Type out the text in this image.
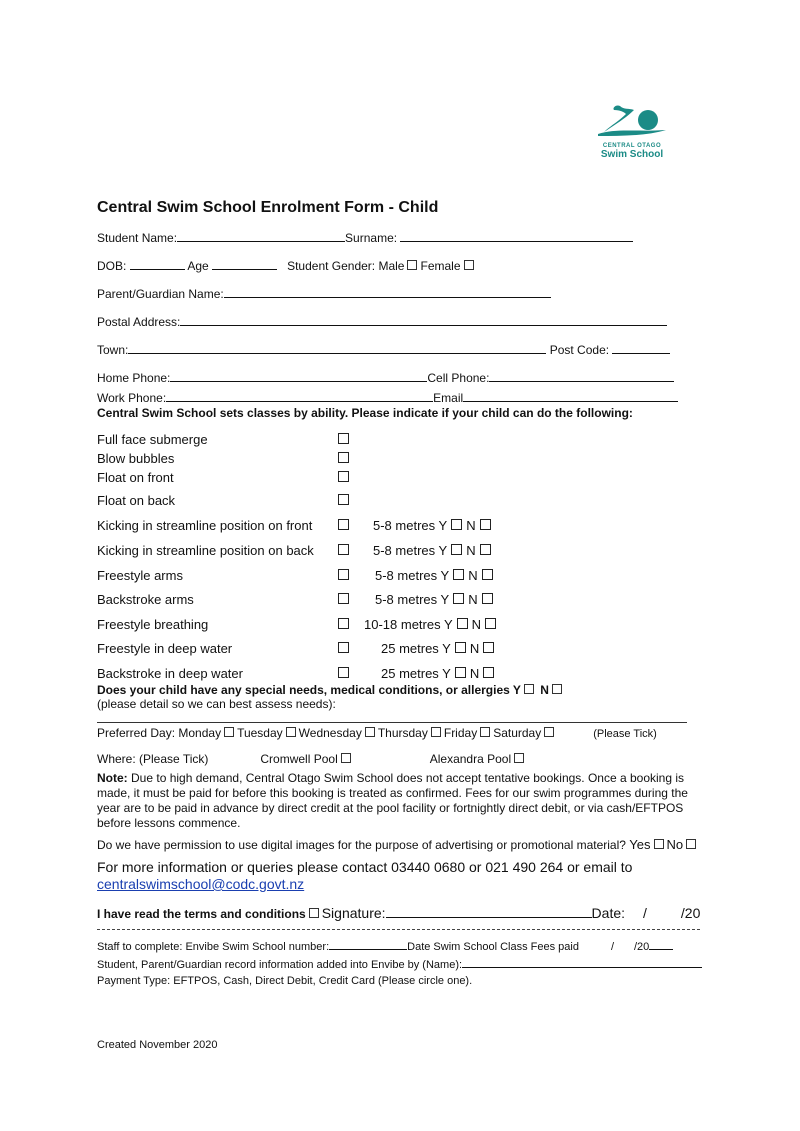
CENTRAL OTAGO
Swim School
Central Swim School Enrolment Form - Child
Student Name:	Surname:
DOB:	Age	Student Gender: Male Female
Parent/Guardian Name:
Postal Address:
Town:	Post Code:
Home Phone:	Cell Phone:
Work Phone:	Email
Central Swim School sets classes by ability. Please indicate if your child can do the following:
Full face submerge
Blow bubbles
Float on front
Float on back
Kicking in streamline position on front	5-8 metres Y N
Kicking in streamline position on back	5-8 metres Y N
Freestyle arms	5-8 metres Y N
Backstroke arms	5-8 metres Y N
Freestyle breathing	10-18 metres Y N
Freestyle in deep water	25 metres Y N
Backstroke in deep water	25 metres Y N
Does your child have any special needs, medical conditions, or allergies Y N
(please detail so we can best assess needs):
Preferred Day: Monday Tuesday Wednesday Thursday Friday Saturday	(Please Tick)
Where: (Please Tick)	Cromwell Pool	Alexandra Pool
Note: Due to high demand, Central Otago Swim School does not accept tentative bookings. Once a booking is made, it must be paid for before this booking is treated as confirmed. Fees for our swim programmes during the year are to be paid in advance by direct credit at the pool facility or fortnightly direct debit, or via cash/EFTPOS before lessons commence.
Do we have permission to use digital images for the purpose of advertising or promotional material? Yes No
For more information or queries please contact 03440 0680 or 021 490 264 or email to
centralswimschool@codc.govt.nz
I have read the terms and conditions Signature:	Date: / /20
Staff to complete: Envibe Swim School number:	Date Swim School Class Fees paid	/ /20
Student, Parent/Guardian record information added into Envibe by (Name):
Payment Type: EFTPOS, Cash, Direct Debit, Credit Card (Please circle one).
Created November 2020
